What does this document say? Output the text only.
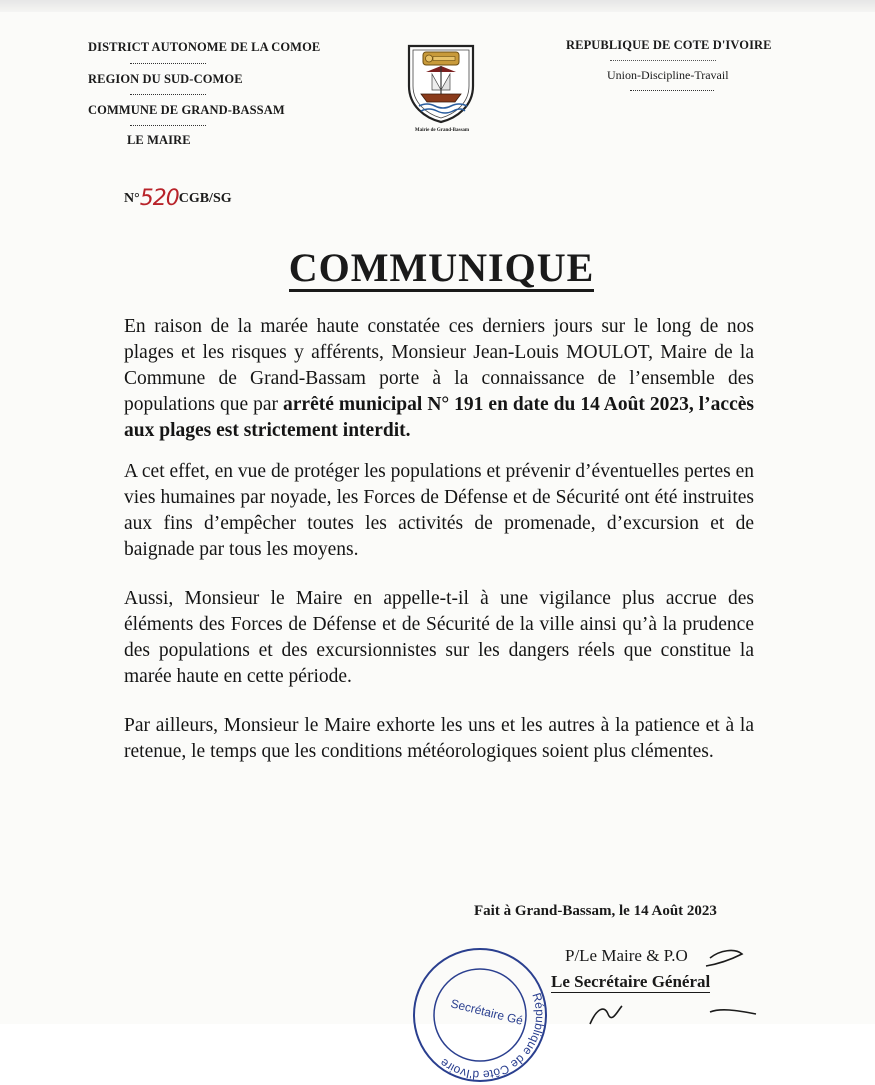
DISTRICT AUTONOME DE LA COMOE
REGION DU SUD-COMOE
COMMUNE DE GRAND-BASSAM
LE MAIRE
REPUBLIQUE DE COTE D'IVOIRE
Union-Discipline-Travail
Mairie de Grand-Bassam
N°520CGB/SG
COMMUNIQUE
En raison de la marée haute constatée ces derniers jours sur le long de nos plages et les risques y afférents, Monsieur Jean-Louis MOULOT, Maire de la Commune de Grand-Bassam porte à la connaissance de l’ensemble des populations que par arrêté municipal N° 191 en date du 14 Août 2023, l’accès aux plages est strictement interdit.
A cet effet, en vue de protéger les populations et prévenir d’éventuelles pertes en vies humaines par noyade, les Forces de Défense et de Sécurité ont été instruites aux fins d’empêcher toutes les activités de promenade, d’excursion et de baignade par tous les moyens.
Aussi, Monsieur le Maire en appelle-t-il à une vigilance plus accrue des éléments des Forces de Défense et de Sécurité de la ville ainsi qu’à la prudence des populations et des excursionnistes sur les dangers réels que constitue la marée haute en cette période.
Par ailleurs, Monsieur le Maire exhorte les uns et les autres à la patience et à la retenue, le temps que les conditions météorologiques soient plus clémentes.
Fait à Grand-Bassam, le 14 Août 2023
République de Côte d'Ivoire
Secrétaire Gé
P/Le Maire & P.O
Le Secrétaire Général
